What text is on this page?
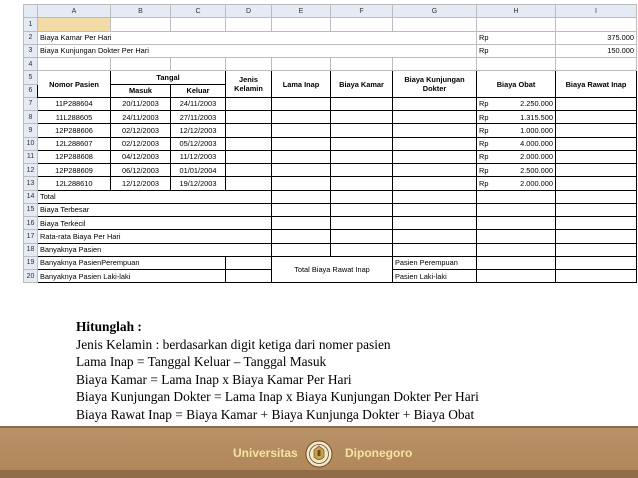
	A	B	C	D	E	F	G	H	I
1									
2	Biaya Kamar Per Hari							Rp	375.000
3	Biaya Kunjungan Dokter Per Hari							Rp	150.000
4									
5	Nomor Pasien	Tangal		Jenis Kelamin	Lama Inap	Biaya Kamar	Biaya Kunjungan Dokter	Biaya Obat	Biaya Rawat Inap
6		Masuk	Keluar						
7	11P288604	20/11/2003	24/11/2003					Rp 2.250.000	

8	11L288605	24/11/2003	27/11/2003					Rp 1.315.500	

9	12P288606	02/12/2003	12/12/2003					Rp 1.000.000	

10	12L288607	02/12/2003	05/12/2003					Rp 4.000.000	

11	12P288608	04/12/2003	11/12/2003					Rp 2.000.000	

12	12P288609	06/12/2003	01/01/2004					Rp 2.500.000	

13	12L288610	12/12/2003	19/12/2003					Rp 2.000.000	

14	Total								
15	Biaya Terbesar								
16	Biaya Terkecil								
17	Rata-rata Biaya Per Hari								
18	Banyaknya Pasien								
19	Banyaknya PasienPerempuan				Total Biaya Rawat Inap		Pasien Perempuan		
20	Banyaknya Pasien Laki-laki						Pasien Laki-laki		
Hitunglah :
Jenis Kelamin : berdasarkan digit ketiga dari nomer pasien
Lama Inap = Tanggal Keluar – Tanggal Masuk
Biaya Kamar = Lama Inap x Biaya Kamar Per Hari
Biaya Kunjungan Dokter = Lama Inap x Biaya Kunjungan Dokter Per Hari
Biaya Rawat Inap = Biaya Kamar + Biaya Kunjunga Dokter + Biaya Obat
Universitas	Diponegoro
